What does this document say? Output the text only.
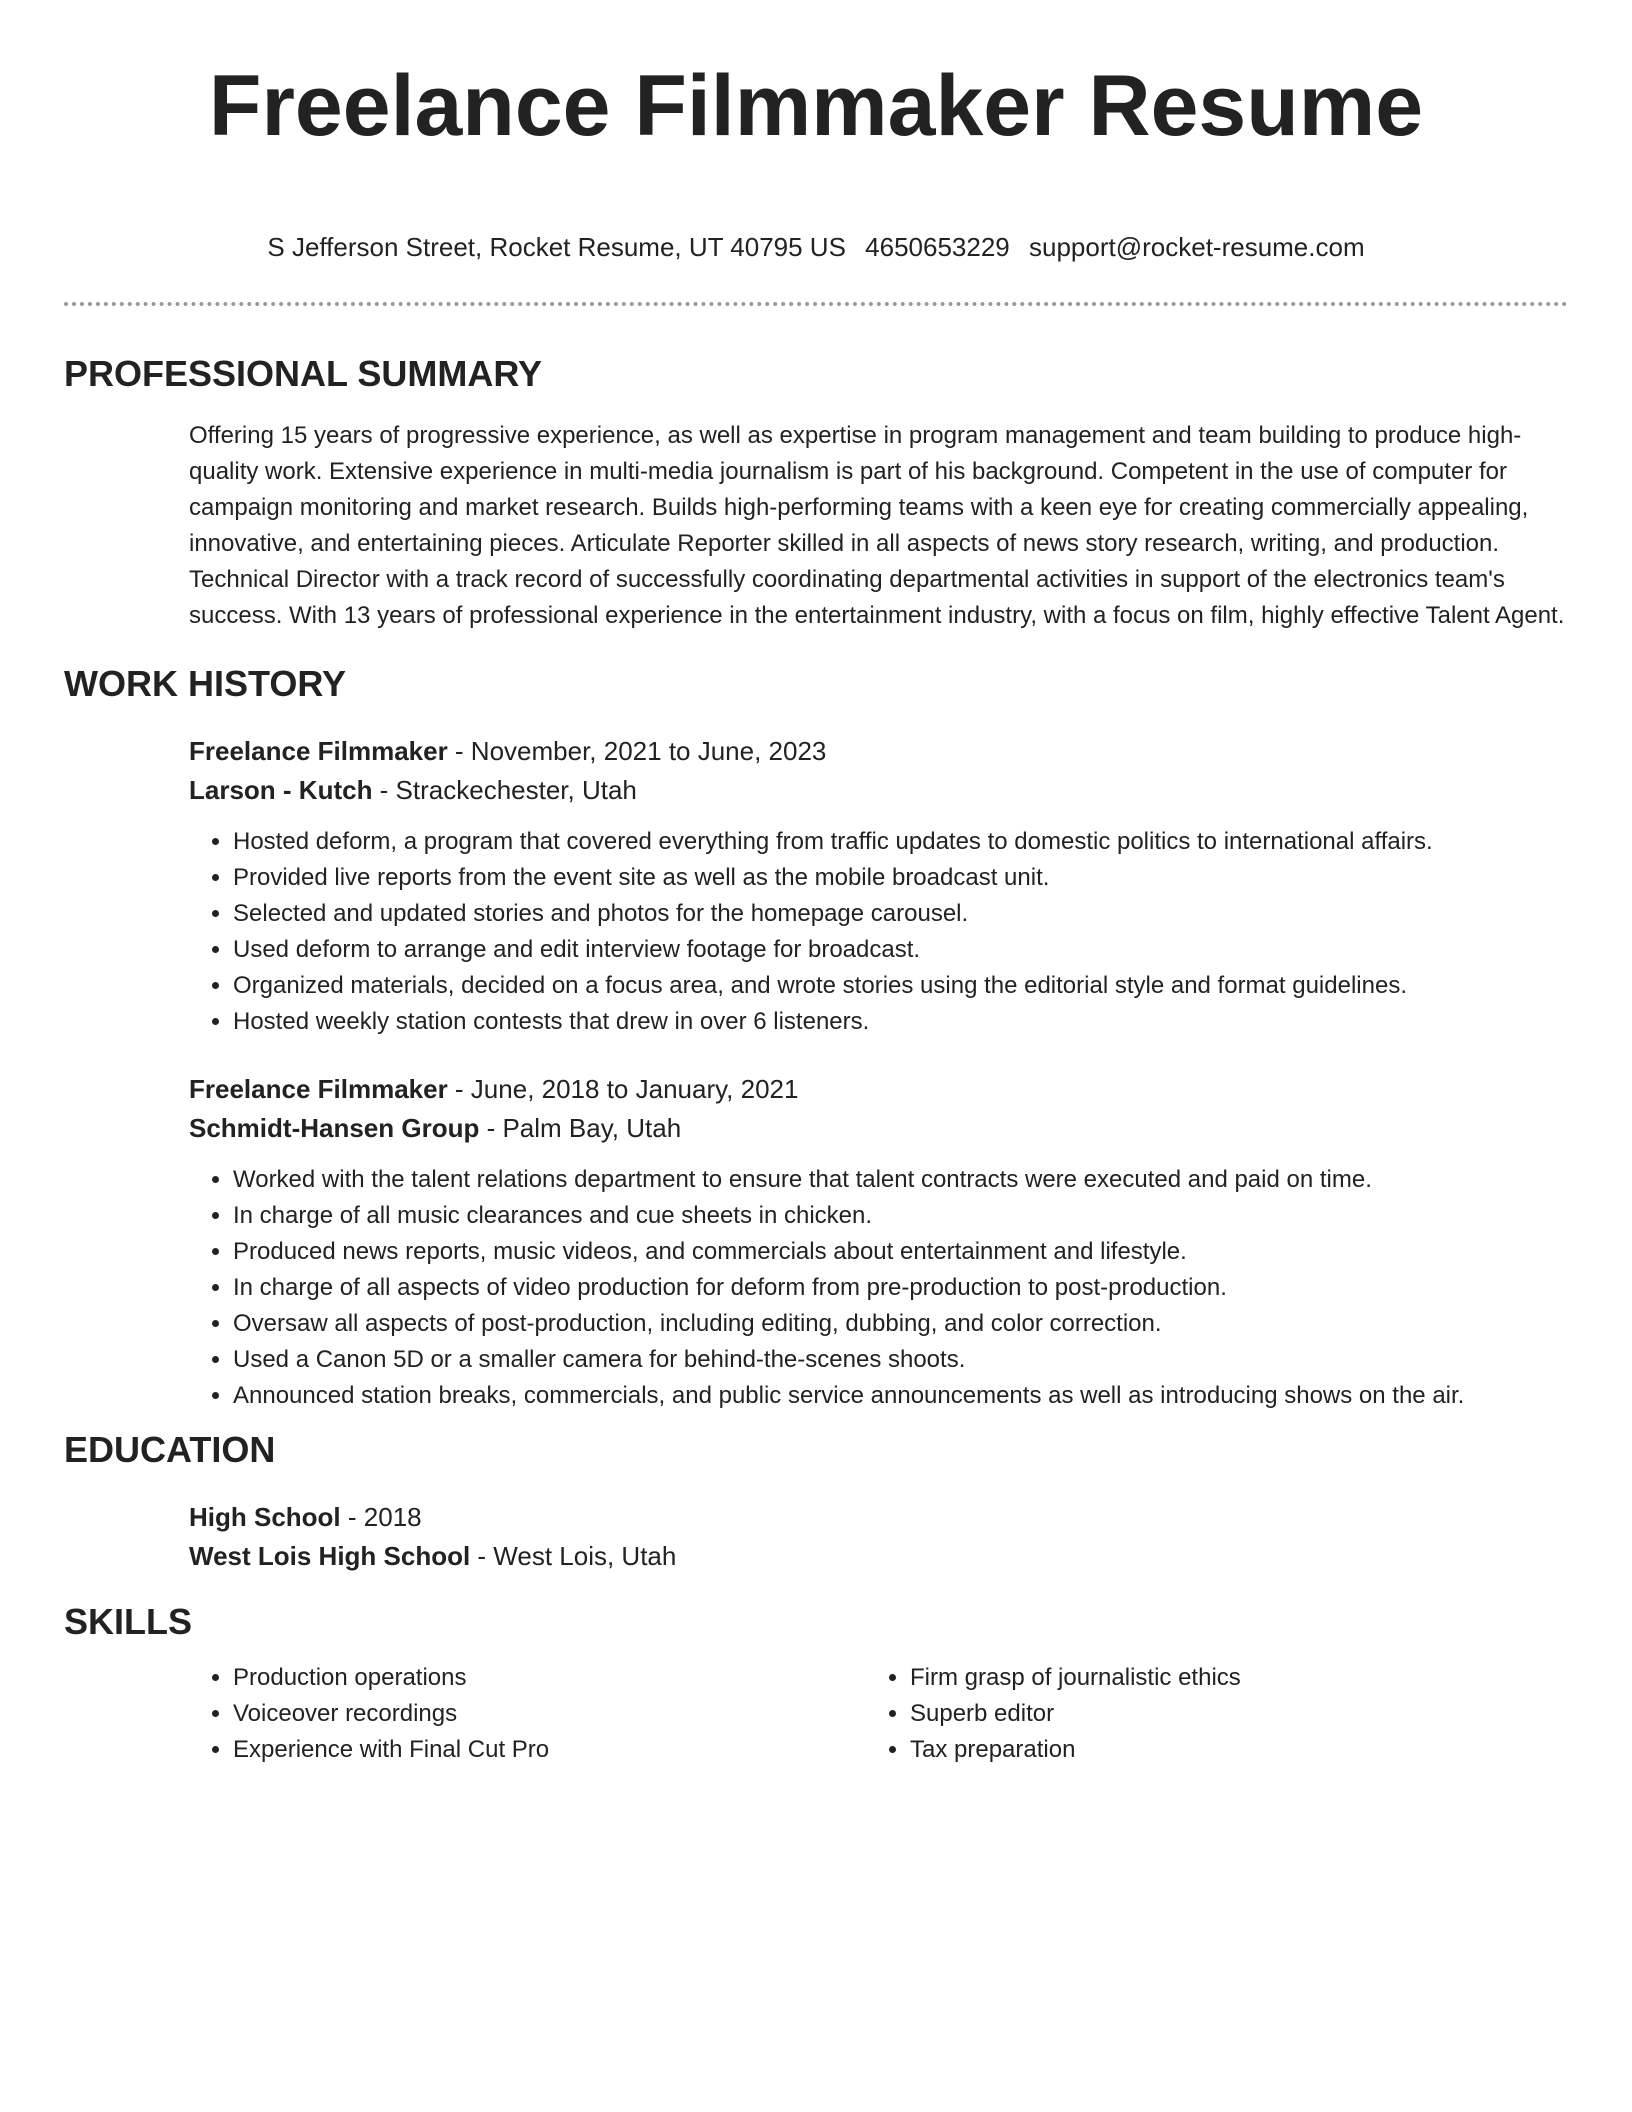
Freelance Filmmaker Resume
S Jefferson Street, Rocket Resume, UT 40795 US 4650653229 support@rocket-resume.com
PROFESSIONAL SUMMARY
Offering 15 years of progressive experience, as well as expertise in program management and team building to produce high-quality work. Extensive experience in multi-media journalism is part of his background. Competent in the use of computer for campaign monitoring and market research. Builds high-performing teams with a keen eye for creating commercially appealing, innovative, and entertaining pieces. Articulate Reporter skilled in all aspects of news story research, writing, and production. Technical Director with a track record of successfully coordinating departmental activities in support of the electronics team's success. With 13 years of professional experience in the entertainment industry, with a focus on film, highly effective Talent Agent.
WORK HISTORY
Freelance Filmmaker - November, 2021 to June, 2023
Larson - Kutch - Strackechester, Utah
• Hosted deform, a program that covered everything from traffic updates to domestic politics to international affairs.
• Provided live reports from the event site as well as the mobile broadcast unit.
• Selected and updated stories and photos for the homepage carousel.
• Used deform to arrange and edit interview footage for broadcast.
• Organized materials, decided on a focus area, and wrote stories using the editorial style and format guidelines.
• Hosted weekly station contests that drew in over 6 listeners.
Freelance Filmmaker - June, 2018 to January, 2021
Schmidt-Hansen Group - Palm Bay, Utah
• Worked with the talent relations department to ensure that talent contracts were executed and paid on time.
• In charge of all music clearances and cue sheets in chicken.
• Produced news reports, music videos, and commercials about entertainment and lifestyle.
• In charge of all aspects of video production for deform from pre-production to post-production.
• Oversaw all aspects of post-production, including editing, dubbing, and color correction.
• Used a Canon 5D or a smaller camera for behind-the-scenes shoots.
• Announced station breaks, commercials, and public service announcements as well as introducing shows on the air.
EDUCATION
High School - 2018
West Lois High School - West Lois, Utah
SKILLS
• Production operations
• Voiceover recordings
• Experience with Final Cut Pro
• Firm grasp of journalistic ethics
• Superb editor
• Tax preparation
